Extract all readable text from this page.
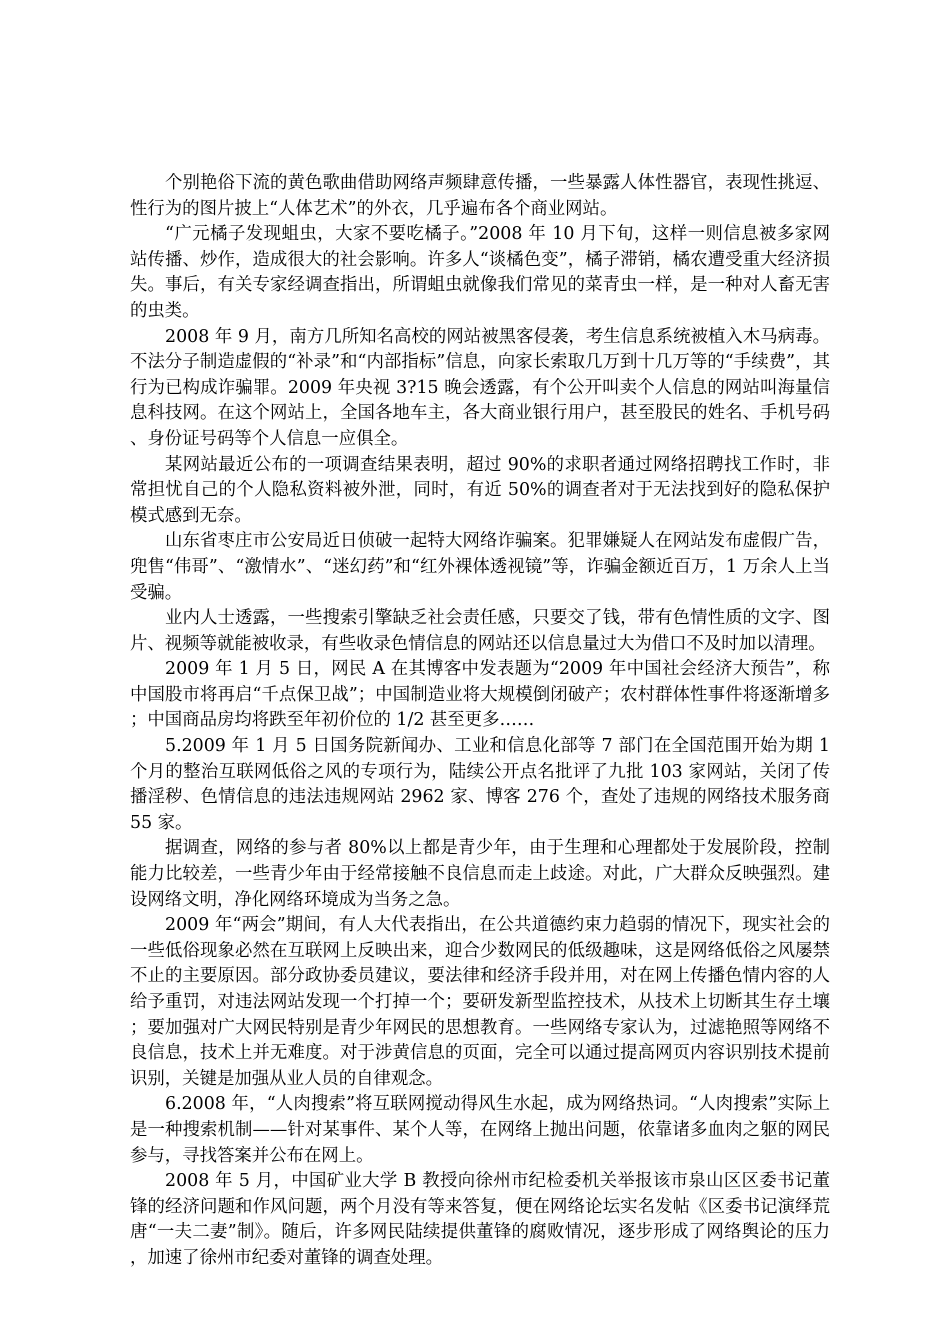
个别艳俗下流的黄色歌曲借助网络声频肆意传播，一些暴露人体性器官，表现性挑逗、性行为的图片披上“人体艺术”的外衣，几乎遍布各个商业网站。

“广元橘子发现蛆虫，大家不要吃橘子。”2008 年 10 月下旬，这样一则信息被多家网站传播、炒作，造成很大的社会影响。许多人“谈橘色变”，橘子滞销，橘农遭受重大经济损失。事后，有关专家经调查指出，所谓蛆虫就像我们常见的菜青虫一样，是一种对人畜无害的虫类。

2008 年 9 月，南方几所知名高校的网站被黑客侵袭，考生信息系统被植入木马病毒。不法分子制造虚假的“补录”和“内部指标”信息，向家长索取几万到十几万等的“手续费”，其行为已构成诈骗罪。2009 年央视 3?15 晚会透露，有个公开叫卖个人信息的网站叫海量信息科技网。在这个网站上，全国各地车主，各大商业银行用户，甚至股民的姓名、手机号码、身份证号码等个人信息一应俱全。

某网站最近公布的一项调查结果表明，超过 90%的求职者通过网络招聘找工作时，非常担忧自己的个人隐私资料被外泄，同时，有近 50%的调查者对于无法找到好的隐私保护模式感到无奈。

山东省枣庄市公安局近日侦破一起特大网络诈骗案。犯罪嫌疑人在网站发布虚假广告，兜售“伟哥”、“激情水”、“迷幻药”和“红外裸体透视镜”等，诈骗金额近百万，1 万余人上当受骗。

业内人士透露，一些搜索引擎缺乏社会责任感，只要交了钱，带有色情性质的文字、图片、视频等就能被收录，有些收录色情信息的网站还以信息量过大为借口不及时加以清理。

2009 年 1 月 5 日，网民 A 在其博客中发表题为“2009 年中国社会经济大预告”，称中国股市将再启“千点保卫战”；中国制造业将大规模倒闭破产；农村群体性事件将逐渐增多；中国商品房均将跌至年初价位的 1/2 甚至更多……

5.2009 年 1 月 5 日国务院新闻办、工业和信息化部等 7 部门在全国范围开始为期 1 个月的整治互联网低俗之风的专项行为，陆续公开点名批评了九批 103 家网站，关闭了传播淫秽、色情信息的违法违规网站 2962 家、博客 276 个，查处了违规的网络技术服务商 55 家。

据调查，网络的参与者 80%以上都是青少年，由于生理和心理都处于发展阶段，控制能力比较差，一些青少年由于经常接触不良信息而走上歧途。对此，广大群众反映强烈。建设网络文明，净化网络环境成为当务之急。

2009 年“两会”期间，有人大代表指出，在公共道德约束力趋弱的情况下，现实社会的一些低俗现象必然在互联网上反映出来，迎合少数网民的低级趣味，这是网络低俗之风屡禁不止的主要原因。部分政协委员建议，要法律和经济手段并用，对在网上传播色情内容的人给予重罚，对违法网站发现一个打掉一个；要研发新型监控技术，从技术上切断其生存土壤；要加强对广大网民特别是青少年网民的思想教育。一些网络专家认为，过滤艳照等网络不良信息，技术上并无难度。对于涉黄信息的页面，完全可以通过提高网页内容识别技术提前识别，关键是加强从业人员的自律观念。

6.2008 年，“人肉搜索”将互联网搅动得风生水起，成为网络热词。“人肉搜索”实际上是一种搜索机制——针对某事件、某个人等，在网络上抛出问题，依靠诸多血肉之躯的网民参与，寻找答案并公布在网上。

2008 年 5 月，中国矿业大学 B 教授向徐州市纪检委机关举报该市泉山区区委书记董锋的经济问题和作风问题，两个月没有等来答复，便在网络论坛实名发帖《区委书记演绎荒唐“一夫二妻”制》。随后，许多网民陆续提供董锋的腐败情况，逐步形成了网络舆论的压力，加速了徐州市纪委对董锋的调查处理。
